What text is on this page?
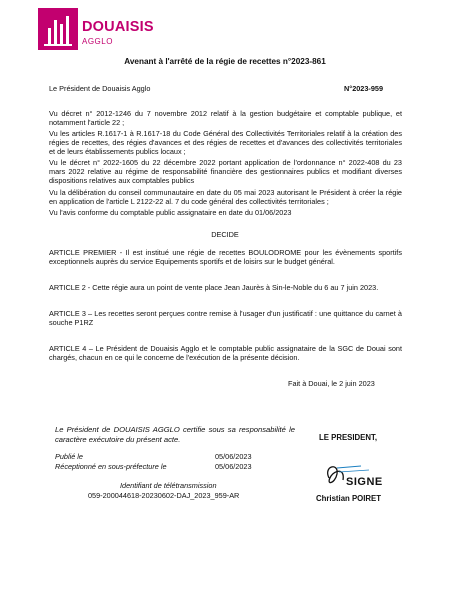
DOUAISIS
AGGLO
Avenant à l'arrêté de la régie de recettes n°2023-861
Le Président de Douaisis Agglo	N°2023-959
Vu décret n° 2012-1246 du 7 novembre 2012 relatif à la gestion budgétaire et comptable publique, et notamment l'article 22 ;
Vu les articles R.1617-1 à R.1617-18 du Code Général des Collectivités Territoriales relatif à la création des régies de recettes, des régies d'avances et des régies de recettes et d'avances des collectivités territoriales et de leurs établissements publics locaux ;
Vu le décret n° 2022-1605 du 22 décembre 2022 portant application de l'ordonnance n° 2022-408 du 23 mars 2022 relative au régime de responsabilité financière des gestionnaires publics et modifiant diverses dispositions relatives aux comptables publics
Vu la délibération du conseil communautaire en date du 05 mai 2023 autorisant le Président à créer la régie en application de l'article L 2122-22 al. 7 du code général des collectivités territoriales ;
Vu l'avis conforme du comptable public assignataire en date du 01/06/2023
DECIDE
ARTICLE PREMIER - Il est institué une régie de recettes BOULODROME pour les évènements sportifs exceptionnels auprès du service Equipements sportifs et de loisirs sur le budget général.
ARTICLE 2 - Cette régie aura un point de vente place Jean Jaurès à Sin-le-Noble du 6 au 7 juin 2023.
ARTICLE 3 – Les recettes seront perçues contre remise à l'usager d'un justificatif : une quittance du carnet à souche P1RZ
ARTICLE 4 – Le Président de Douaisis Agglo et le comptable public assignataire de la SGC de Douai sont chargés, chacun en ce qui le concerne de l'exécution de la présente décision.
Fait à Douai, le 2 juin 2023
Le Président de DOUAISIS AGGLO certifie sous sa responsabilité le caractère exécutoire du présent acte.
Publié le	05/06/2023
Réceptionné en sous-préfecture le	05/06/2023
Identifiant de télétransmission
059-200044618-20230602-DAJ_2023_959-AR
LE PRESIDENT,
SIGNE
Christian POIRET
